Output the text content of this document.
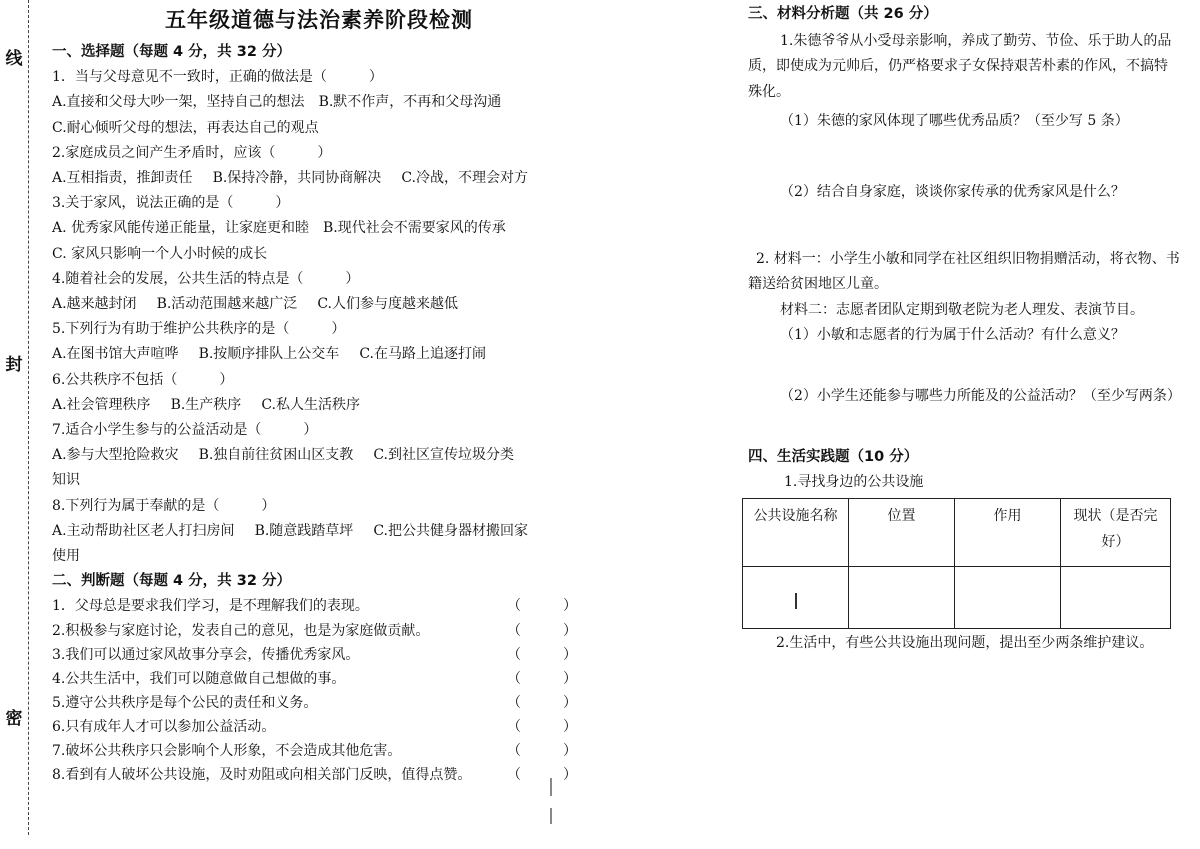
线
封
密
五年级道德与法治素养阶段检测
一、选择题（每题 4 分，共 32 分）
1．当与父母意见不一致时，正确的做法是（　　　）
A.直接和父母大吵一架，坚持自己的想法 B.默不作声，不再和父母沟通
C.耐心倾听父母的想法，再表达自己的观点
2.家庭成员之间产生矛盾时，应该（　　　）
A.互相指责，推卸责任 B.保持冷静，共同协商解决 C.冷战，不理会对方
3.关于家风，说法正确的是（　　　）
A. 优秀家风能传递正能量，让家庭更和睦 B.现代社会不需要家风的传承
C. 家风只影响一个人小时候的成长
4.随着社会的发展，公共生活的特点是（　　　）
A.越来越封闭 B.活动范围越来越广泛 C.人们参与度越来越低
5.下列行为有助于维护公共秩序的是（　　　）
A.在图书馆大声喧哗 B.按顺序排队上公交车 C.在马路上追逐打闹
6.公共秩序不包括（　　　）
A.社会管理秩序 B.生产秩序 C.私人生活秩序
7.适合小学生参与的公益活动是（　　　）
A.参与大型抢险救灾 B.独自前往贫困山区支教 C.到社区宣传垃圾分类
知识
8.下列行为属于奉献的是（　　　）
A.主动帮助社区老人打扫房间 B.随意践踏草坪 C.把公共健身器材搬回家
使用
二、判断题（每题 4 分，共 32 分）
1．父母总是要求我们学习，是不理解我们的表现。	（	）
2.积极参与家庭讨论，发表自己的意见，也是为家庭做贡献。	（	）
3.我们可以通过家风故事分享会，传播优秀家风。	（	）
4.公共生活中，我们可以随意做自己想做的事。	（	）
5.遵守公共秩序是每个公民的责任和义务。	（	）
6.只有成年人才可以参加公益活动。	（	）
7.破坏公共秩序只会影响个人形象，不会造成其他危害。	（	）
8.看到有人破坏公共设施，及时劝阻或向相关部门反映，值得点赞。	（	）
三、材料分析题（共 26 分）
1.朱德爷爷从小受母亲影响，养成了勤劳、节俭、乐于助人的品质，即使成为元帅后，仍严格要求子女保持艰苦朴素的作风，不搞特殊化。
（1）朱德的家风体现了哪些优秀品质？（至少写 5 条）
（2）结合自身家庭，谈谈你家传承的优秀家风是什么？
2. 材料一：小学生小敏和同学在社区组织旧物捐赠活动，将衣物、书籍送给贫困地区儿童。
材料二：志愿者团队定期到敬老院为老人理发、表演节目。
（1）小敏和志愿者的行为属于什么活动？有什么意义？
（2）小学生还能参与哪些力所能及的公益活动？（至少写两条）
四、生活实践题（10 分）
1.寻找身边的公共设施
公共设施名称	位置	作用	现状（是否完好）

2.生活中，有些公共设施出现问题，提出至少两条维护建议。
